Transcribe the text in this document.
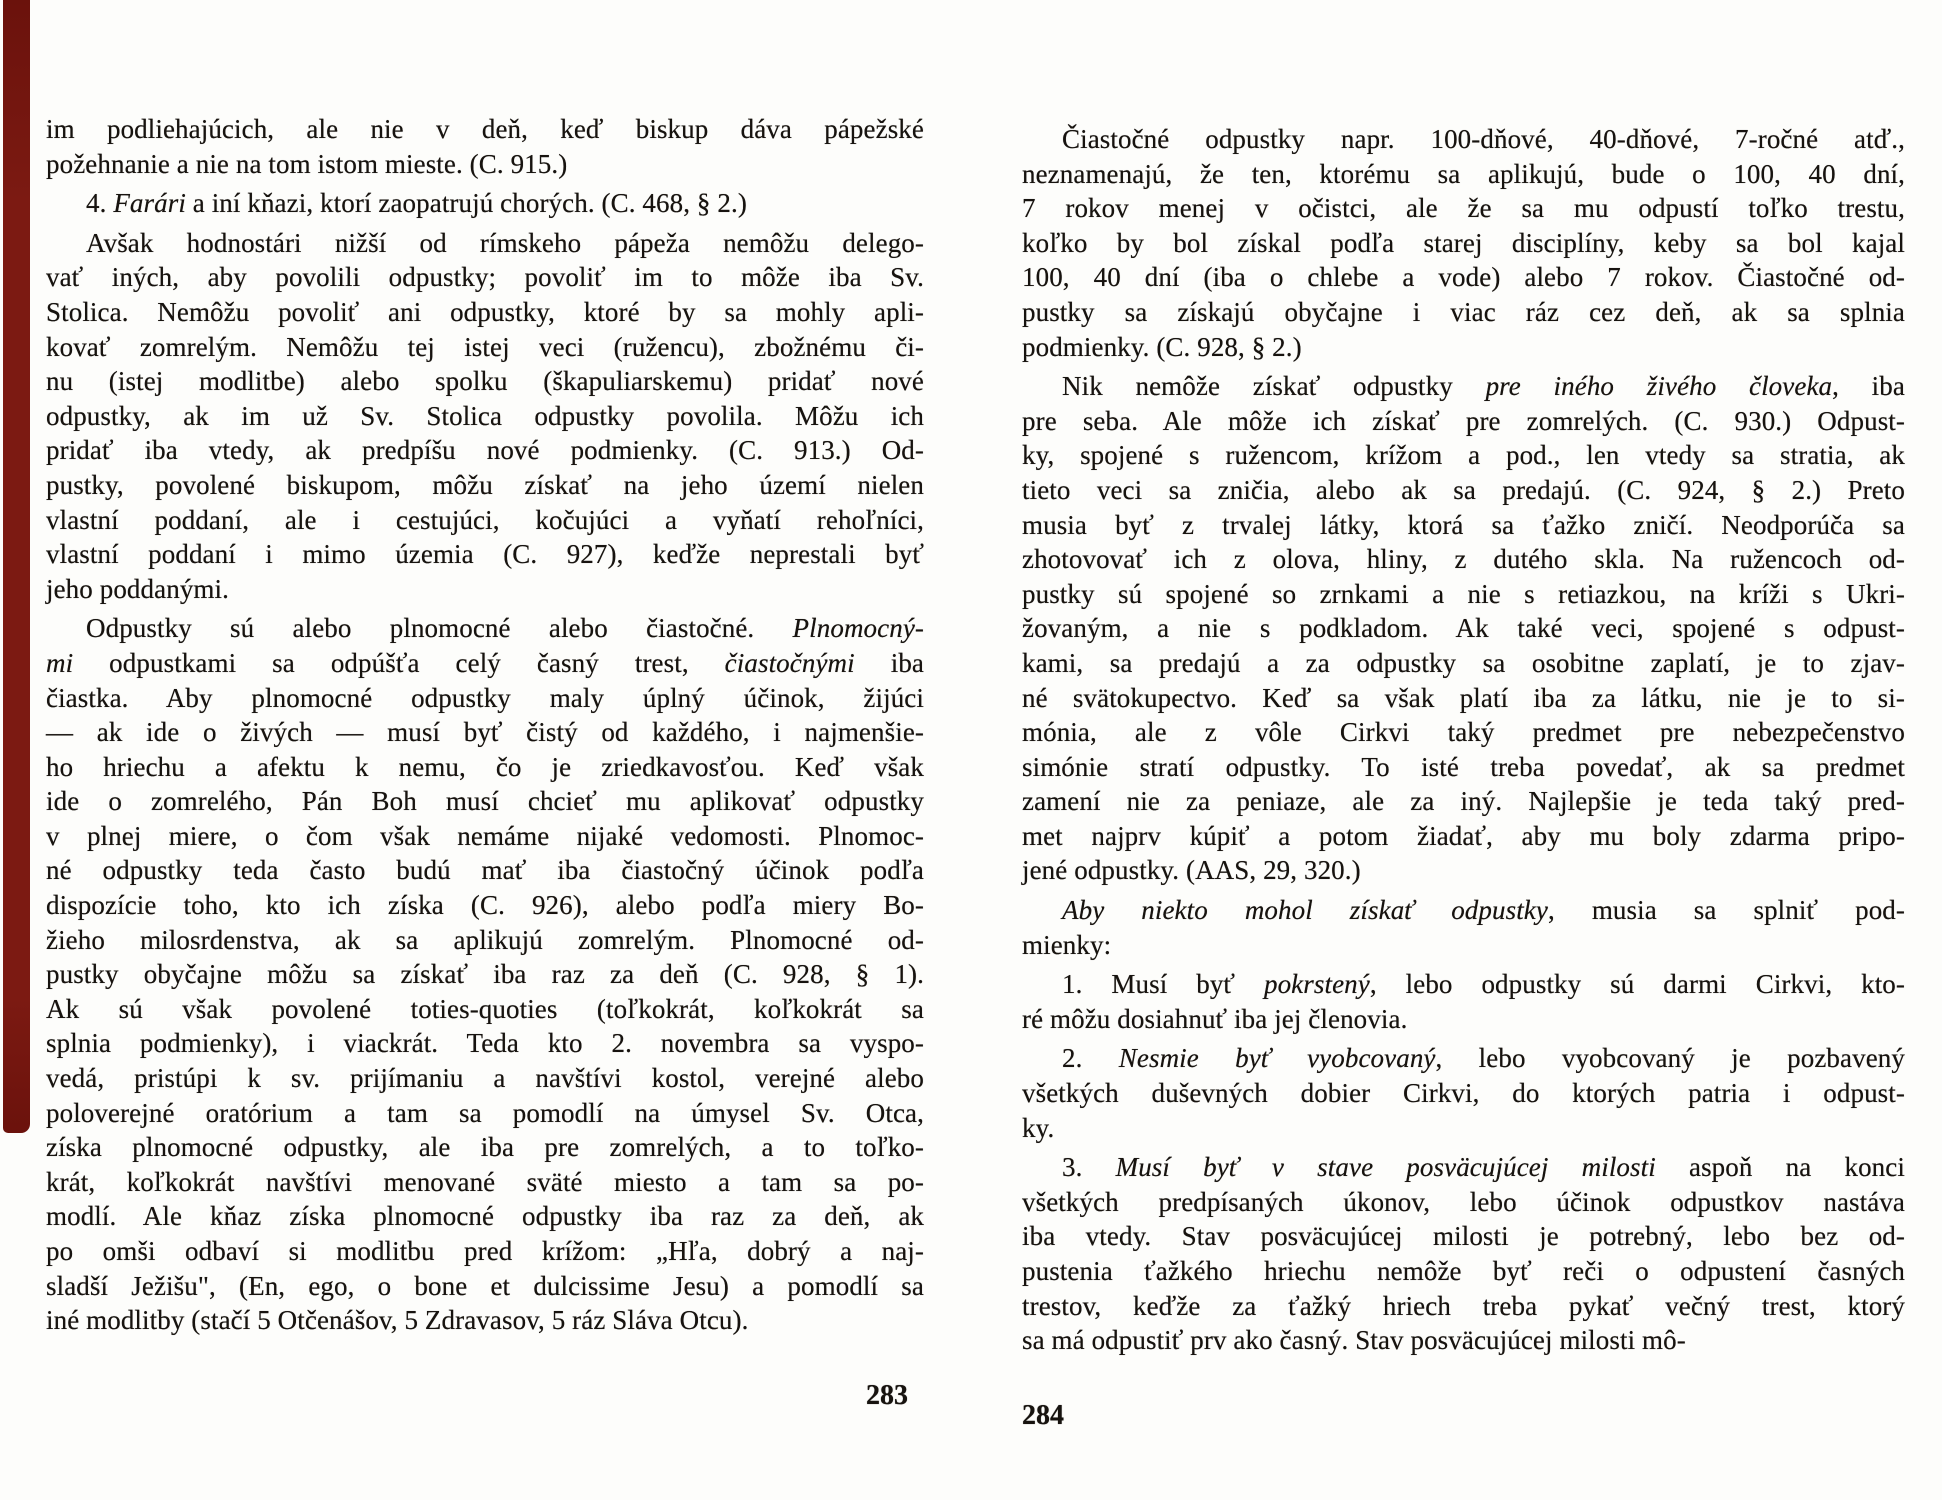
im podliehajúcich, ale nie v deň, keď biskup dáva pápežské
požehnanie a nie na tom istom mieste. (C. 915.)
4. Farári a iní kňazi, ktorí zaopatrujú chorých. (C. 468, § 2.)
Avšak hodnostári nižší od rímskeho pápeža nemôžu delego-
vať iných, aby povolili odpustky; povoliť im to môže iba Sv.
Stolica. Nemôžu povoliť ani odpustky, ktoré by sa mohly apli-
kovať zomrelým. Nemôžu tej istej veci (ružencu), zbožnému či-
nu (istej modlitbe) alebo spolku (škapuliarskemu) pridať nové
odpustky, ak im už Sv. Stolica odpustky povolila. Môžu ich
pridať iba vtedy, ak predpíšu nové podmienky. (C. 913.) Od-
pustky, povolené biskupom, môžu získať na jeho území nielen
vlastní poddaní, ale i cestujúci, kočujúci a vyňatí rehoľníci,
vlastní poddaní i mimo územia (C. 927), keďže neprestali byť
jeho poddanými.
Odpustky sú alebo plnomocné alebo čiastočné. Plnomocný-
mi odpustkami sa odpúšťa celý časný trest, čiastočnými iba
čiastka. Aby plnomocné odpustky maly úplný účinok, žijúci
— ak ide o živých — musí byť čistý od každého, i najmenšie-
ho hriechu a afektu k nemu, čo je zriedkavosťou. Keď však
ide o zomrelého, Pán Boh musí chcieť mu aplikovať odpustky
v plnej miere, o čom však nemáme nijaké vedomosti. Plnomoc-
né odpustky teda často budú mať iba čiastočný účinok podľa
dispozície toho, kto ich získa (C. 926), alebo podľa miery Bo-
žieho milosrdenstva, ak sa aplikujú zomrelým. Plnomocné od-
pustky obyčajne môžu sa získať iba raz za deň (C. 928, § 1).
Ak sú však povolené toties-quoties (toľkokrát, koľkokrát sa
splnia podmienky), i viackrát. Teda kto 2. novembra sa vyspo-
vedá, pristúpi k sv. prijímaniu a navštívi kostol, verejné alebo
poloverejné oratórium a tam sa pomodlí na úmysel Sv. Otca,
získa plnomocné odpustky, ale iba pre zomrelých, a to toľko-
krát, koľkokrát navštívi menované sväté miesto a tam sa po-
modlí. Ale kňaz získa plnomocné odpustky iba raz za deň, ak
po omši odbaví si modlitbu pred krížom: „Hľa, dobrý a naj-
sladší Ježišu", (En, ego, o bone et dulcissime Jesu) a pomodlí sa
iné modlitby (stačí 5 Otčenášov, 5 Zdravasov, 5 ráz Sláva Otcu).
283
Čiastočné odpustky napr. 100-dňové, 40-dňové, 7-ročné atď.,
neznamenajú, že ten, ktorému sa aplikujú, bude o 100, 40 dní,
7 rokov menej v očistci, ale že sa mu odpustí toľko trestu,
koľko by bol získal podľa starej disciplíny, keby sa bol kajal
100, 40 dní (iba o chlebe a vode) alebo 7 rokov. Čiastočné od-
pustky sa získajú obyčajne i viac ráz cez deň, ak sa splnia
podmienky. (C. 928, § 2.)
Nik nemôže získať odpustky pre iného živého človeka, iba
pre seba. Ale môže ich získať pre zomrelých. (C. 930.) Odpust-
ky, spojené s ružencom, krížom a pod., len vtedy sa stratia, ak
tieto veci sa zničia, alebo ak sa predajú. (C. 924, § 2.) Preto
musia byť z trvalej látky, ktorá sa ťažko zničí. Neodporúča sa
zhotovovať ich z olova, hliny, z dutého skla. Na ružencoch od-
pustky sú spojené so zrnkami a nie s retiazkou, na kríži s Ukri-
žovaným, a nie s podkladom. Ak také veci, spojené s odpust-
kami, sa predajú a za odpustky sa osobitne zaplatí, je to zjav-
né svätokupectvo. Keď sa však platí iba za látku, nie je to si-
mónia, ale z vôle Cirkvi taký predmet pre nebezpečenstvo
simónie stratí odpustky. To isté treba povedať, ak sa predmet
zamení nie za peniaze, ale za iný. Najlepšie je teda taký pred-
met najprv kúpiť a potom žiadať, aby mu boly zdarma pripo-
jené odpustky. (AAS, 29, 320.)
Aby niekto mohol získať odpustky, musia sa splniť pod-
mienky:
1. Musí byť pokrstený, lebo odpustky sú darmi Cirkvi, kto-
ré môžu dosiahnuť iba jej členovia.
2. Nesmie byť vyobcovaný, lebo vyobcovaný je pozbavený
všetkých duševných dobier Cirkvi, do ktorých patria i odpust-
ky.
3. Musí byť v stave posväcujúcej milosti aspoň na konci
všetkých predpísaných úkonov, lebo účinok odpustkov nastáva
iba vtedy. Stav posväcujúcej milosti je potrebný, lebo bez od-
pustenia ťažkého hriechu nemôže byť reči o odpustení časných
trestov, keďže za ťažký hriech treba pykať večný trest, ktorý
sa má odpustiť prv ako časný. Stav posväcujúcej milosti mô-
284
